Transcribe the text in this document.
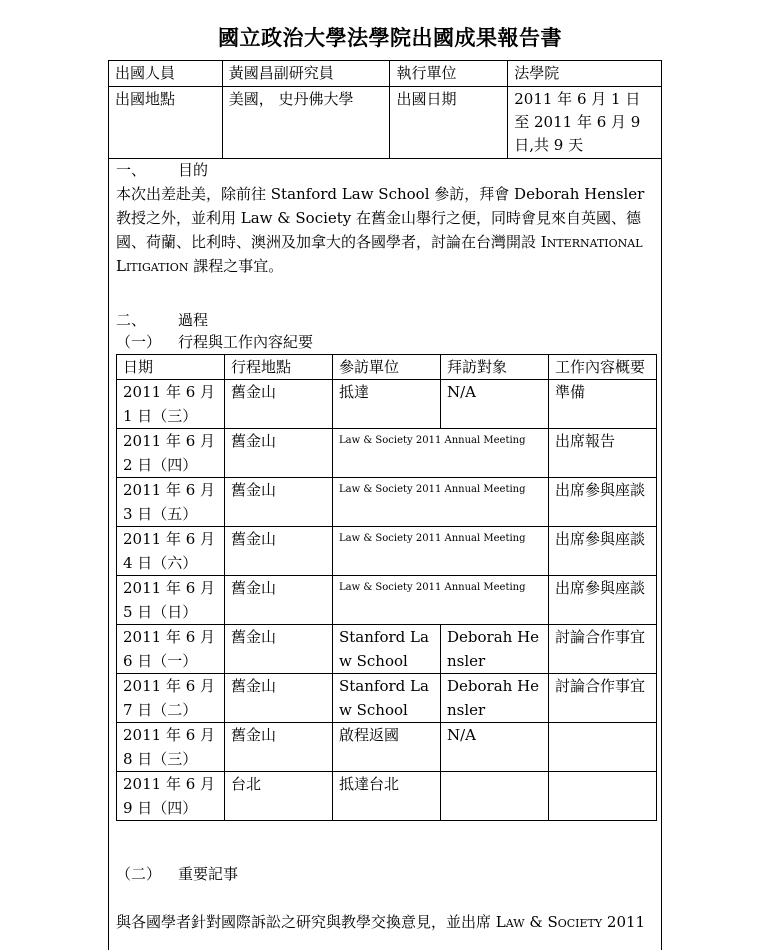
國立政治大學法學院出國成果報告書
出國人員	黃國昌副研究員	執行單位	法學院
出國地點	美國， 史丹佛大學	出國日期	2011 年 6 月 1 日至 2011 年 6 月 9 日,共 9 天
一、 目的
本次出差赴美，除前往 Stanford Law School 參訪，拜會 Deborah Hensler 教授之外，並利用 Law & Society 在舊金山舉行之便，同時會見來自英國、德國、荷蘭、比利時、澳洲及加拿大的各國學者，討論在台灣開設 International Litigation 課程之事宜。
二、 過程
（一） 行程與工作內容紀要
日期	行程地點	參訪單位	拜訪對象	工作內容概要
2011 年 6 月 1 日（三）	舊金山	抵達	N/A	準備
2011 年 6 月 2 日（四）	舊金山	Law & Society 2011 Annual Meeting		出席報告
2011 年 6 月 3 日（五）	舊金山	Law & Society 2011 Annual Meeting		出席參與座談
2011 年 6 月 4 日（六）	舊金山	Law & Society 2011 Annual Meeting		出席參與座談
2011 年 6 月 5 日（日）	舊金山	Law & Society 2011 Annual Meeting		出席參與座談
2011 年 6 月 6 日（一）	舊金山	Stanford Law School	Deborah Hensler	討論合作事宜
2011 年 6 月 7 日（二）	舊金山	Stanford Law School	Deborah Hensler	討論合作事宜
2011 年 6 月 8 日（三）	舊金山	啟程返國	N/A	
2011 年 6 月 9 日（四）	台北	抵達台北		
（二） 重要記事
與各國學者針對國際訴訟之研究與教學交換意見，並出席 Law & Society 2011
